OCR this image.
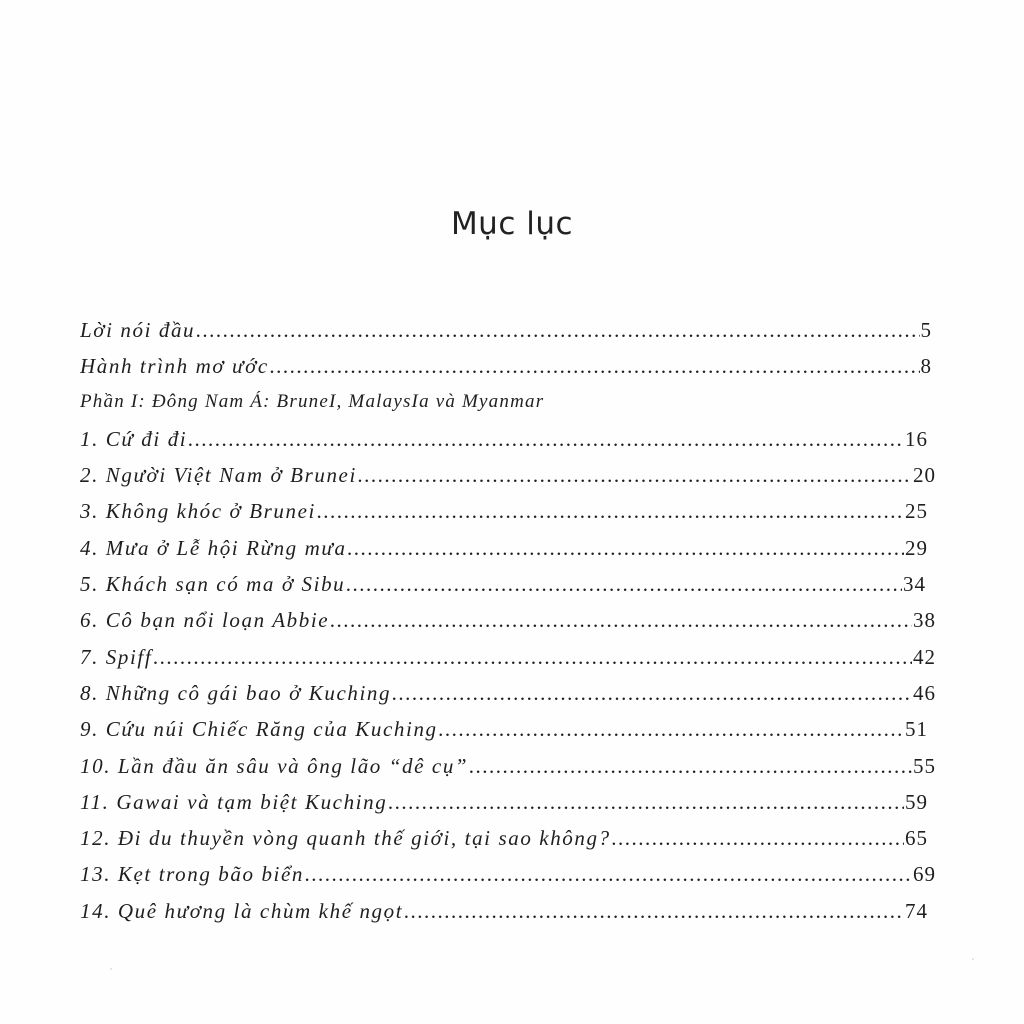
Mục lục
Lời nói đầu .....	5
Hành trình mơ ước .....	8
Phần I: Đông Nam Á: BruneI, MalaysIa và Myanmar
1. Cứ đi đi .....	16
2. Người Việt Nam ở Brunei .....	20
3. Không khóc ở Brunei .....	25
4. Mưa ở Lễ hội Rừng mưa .....	29
5. Khách sạn có ma ở Sibu .....	34
6. Cô bạn nổi loạn Abbie .....	38
7. Spiff .....	42
8. Những cô gái bao ở Kuching .....	46
9. Cứu núi Chiếc Răng của Kuching .....	51
10. Lần đầu ăn sâu và ông lão “dê cụ” .....	55
11. Gawai và tạm biệt Kuching .....	59
12. Đi du thuyền vòng quanh thế giới, tại sao không? .....	65
13. Kẹt trong bão biển .....	69
14. Quê hương là chùm khế ngọt .....	74
